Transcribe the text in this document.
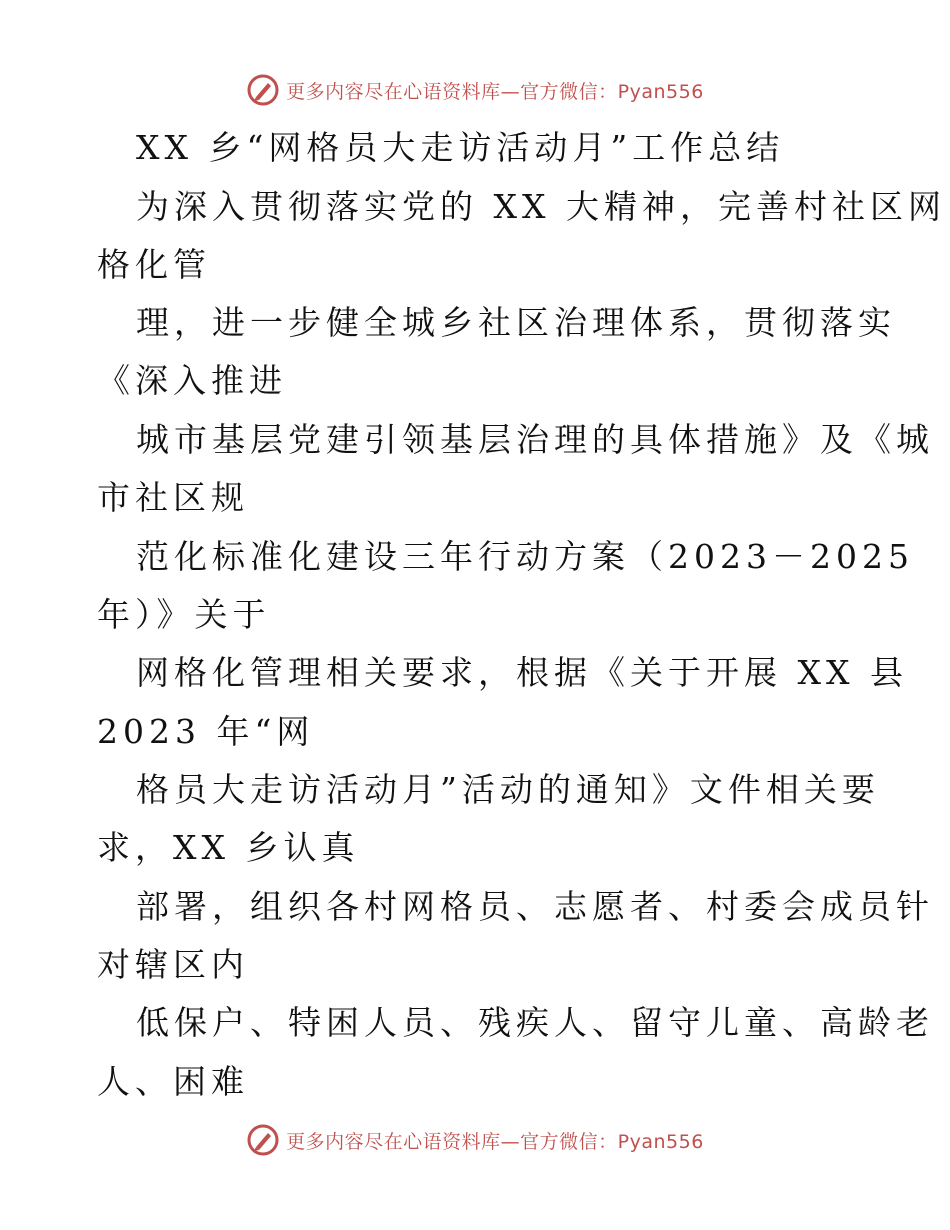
更多内容尽在心语资料库—官方微信：Pyan556
XX 乡“网格员大走访活动月”工作总结
为深入贯彻落实党的 XX 大精神，完善村社区网
格化管
理，进一步健全城乡社区治理体系，贯彻落实
《深入推进
城市基层党建引领基层治理的具体措施》及《城
市社区规
范化标准化建设三年行动方案（2023－2025
年）》关于
网格化管理相关要求，根据《关于开展 XX 县
2023 年“网
格员大走访活动月”活动的通知》文件相关要
求，XX 乡认真
部署，组织各村网格员、志愿者、村委会成员针
对辖区内
低保户、特困人员、残疾人、留守儿童、高龄老
人、困难
更多内容尽在心语资料库—官方微信：Pyan556
